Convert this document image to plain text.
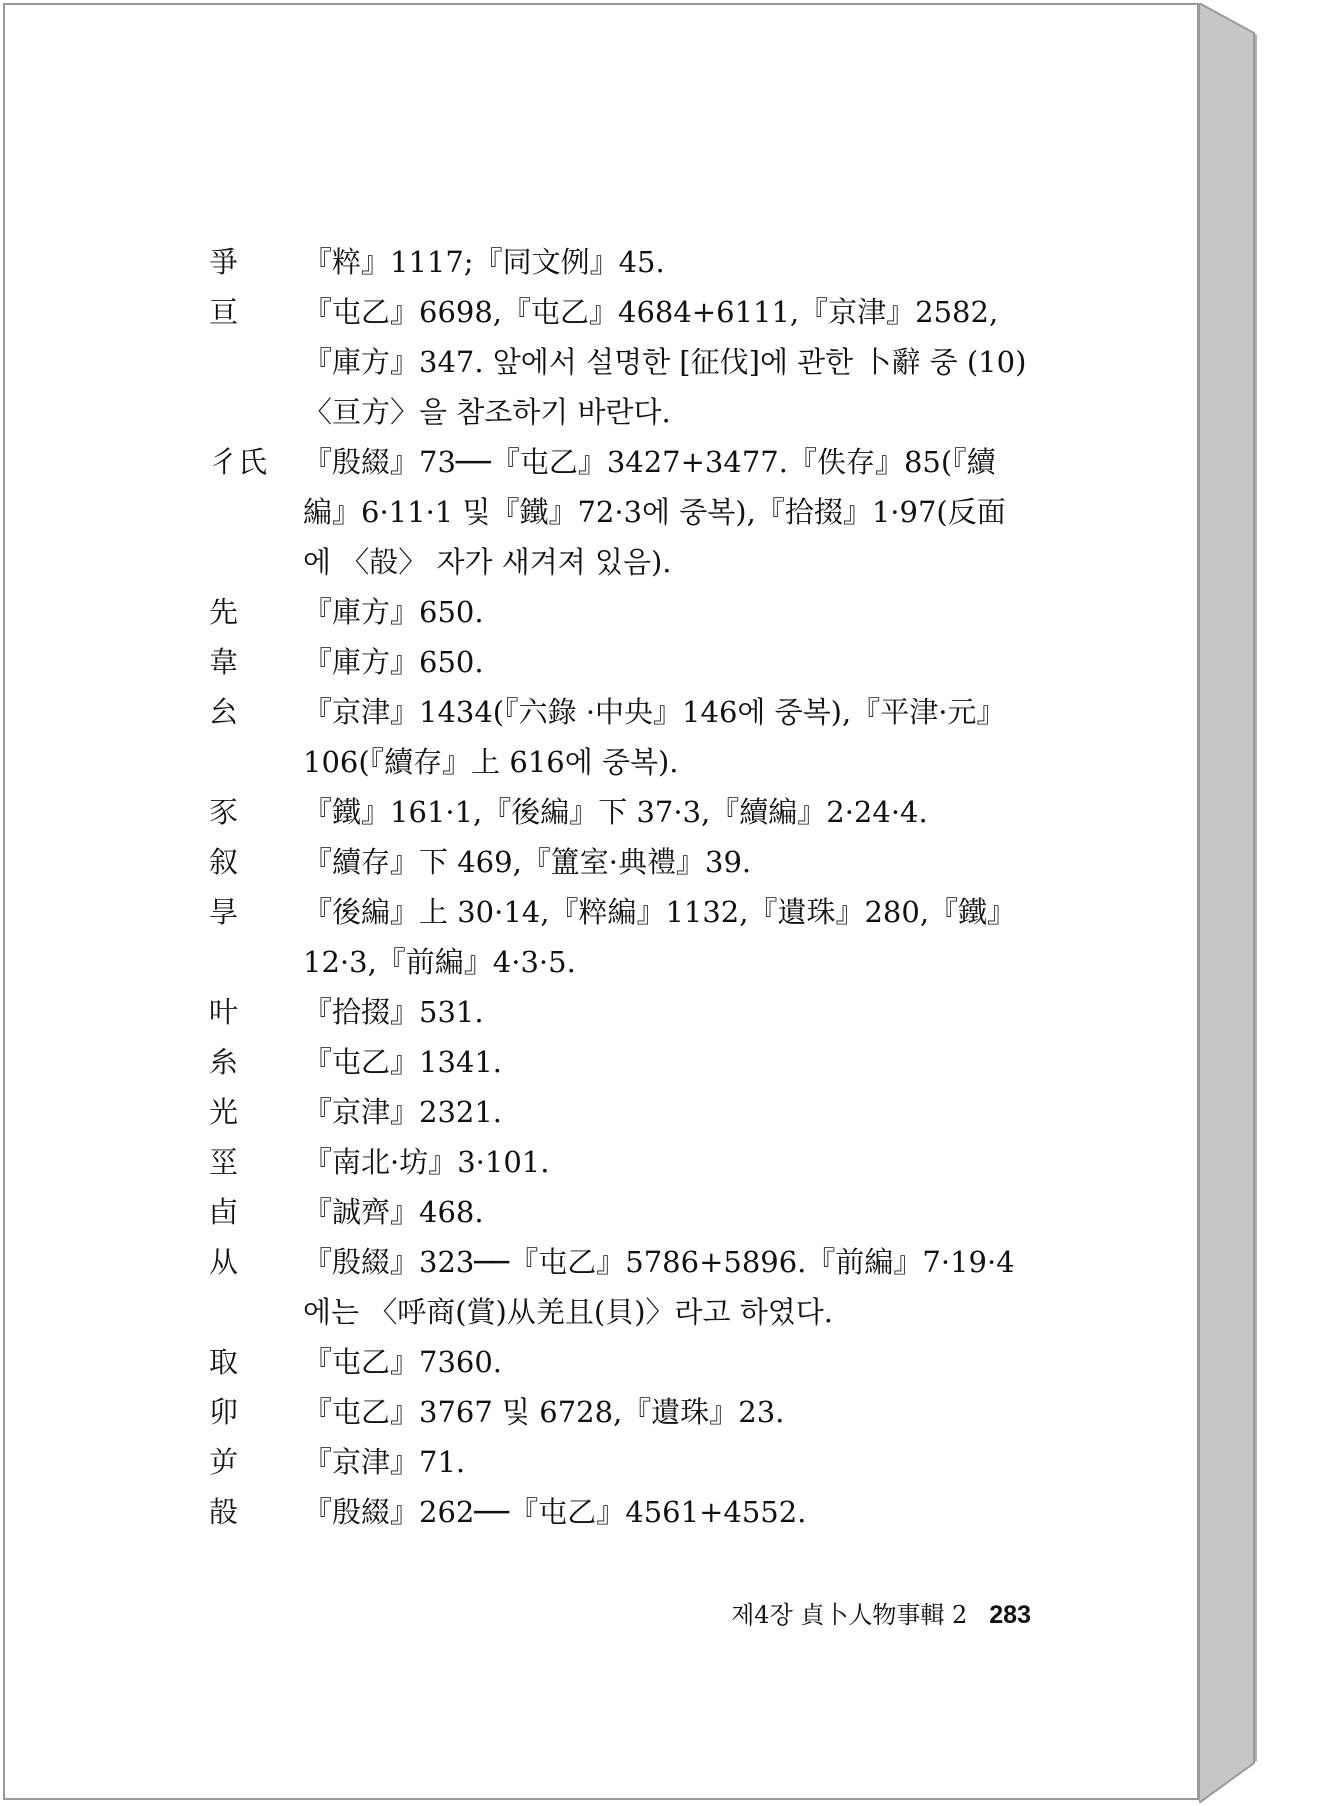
爭 『粹』1117;『同文例』45.
亘 『屯乙』6698,『屯乙』4684+6111,『京津』2582,『庫方』347. 앞에서 설명한 [征伐]에 관한 卜辭 중 (10) 〈亘方〉을 참조하기 바란다.
彳氏 『殷綴』73──『屯乙』3427+3477.『佚存』85(『續編』6·11·1 및『鐵』72·3에 중복),『拾掇』1·97(反面에 〈㱿〉 자가 새겨져 있음).
先 『庫方』650.
韋 『庫方』650.
㕕 『京津』1434(『六錄 ·中央』146에 중복),『平津·元』106(『續存』上 616에 중복).
豕 『鐵』161·1,『後編』下 37·3,『續編』2·24·4.
叙 『續存』下 469,『簠室·典禮』39.
㫗 『後編』上 30·14,『粹編』1132,『遺珠』280,『鐵』12·3,『前編』4·3·5.
叶 『拾掇』531.
糸 『屯乙』1341.
光 『京津』2321.
坙 『南北·坊』3·101.
卣 『誠齊』468.
从 『殷綴』323──『屯乙』5786+5896.『前編』7·19·4에는 〈呼商(賞)从羌且(貝)〉라고 하였다.
取 『屯乙』7360.
卯 『屯乙』3767 및 6728,『遺珠』23.
屰 『京津』71.
㱿 『殷綴』262──『屯乙』4561+4552.
제4장 貞卜人物事輯 2 283
